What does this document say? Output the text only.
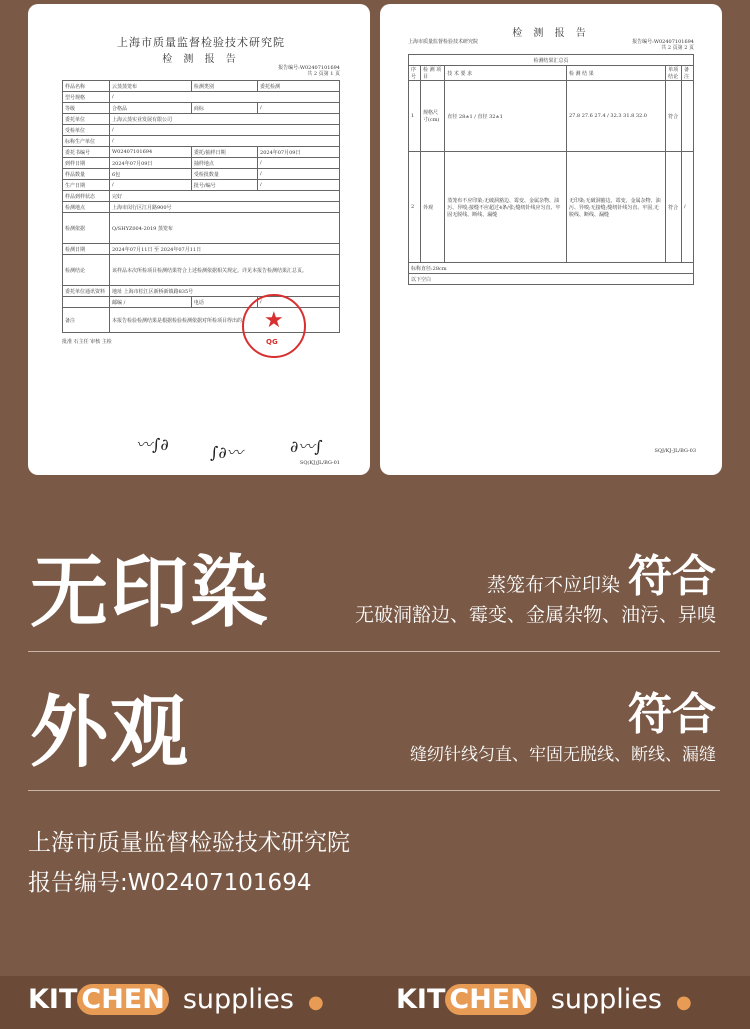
上海市质量监督检验技术研究院
检 测 报 告
报告编号:W02407101694
共 2 页第 1 页
样品名称	云蒸蒸笼布	检测类别	委托检测
型号规格	/		
等级	合格品	商标	/
委托单位	上海云蒸实业发展有限公司		
受检单位	/		
标称生产单位	/		
委托书编号	W02407101694	委托/抽样日期	2024年07月09日
到样日期	2024年07月09日	抽样地点	/
样品数量	6包	受检批数量	/
生产日期	/	批号/编号	/
样品到样状态	完好		
检测地点	上海市闵行区江月路900号		
检测依据	Q/SHYZ004-2019 蒸笼布		
检测日期	2024年07月11日 至 2024年07月11日		
检测结论	该样品本次所检项目检测结果符合上述检测依据相关规定。详见本报告检测结果汇总页。		
委托单位通讯资料	地址 上海市松江区新桥新镇路835号		
	邮编 /	电话	/
备注	本报告检验检测结果是根据检验检测依据对所检项目得出的。		
批准 石主任 审核 主检
★
QG
〰∫∂	∫∂〰	∂〰∫
SQ(KJ)JL/BG-01
检 测 报 告
上海市质量监督检验技术研究院	报告编号:W02407101694
共 2 页第 2 页
检测结果汇总页					
序号	检 测 项 目	技 术 要 求	检 测 结 果	单项结论	备注
1	规格尺寸(cm)	直径 28±1 / 直径 32±1	27.8 27.6 27.4 / 32.3 31.8 32.0	符合	
2	外观	蒸笼布不应印染;无破洞豁边、霉变、金属杂物、油污、异嗅;接缝不应超过4条/张;缝纫针线应匀直、牢固无脱线、断线、漏缝	无印染;无破洞豁边、霉变、金属杂物、油污、异嗅;无接缝;缝纫针线匀直、牢固,无脱线、断线、漏缝	符合	/
标称直径:28cm					
以下空白					
SQJ/KJ-JL/BG-03
无印染	蒸笼布不应印染 符合
无破洞豁边、霉变、金属杂物、油污、异嗅
外观	符合
缝纫针线匀直、牢固无脱线、断线、漏缝
上海市质量监督检验技术研究院
报告编号:W02407101694
KIT CHEN supplies ●	KIT CHEN supplies ●
